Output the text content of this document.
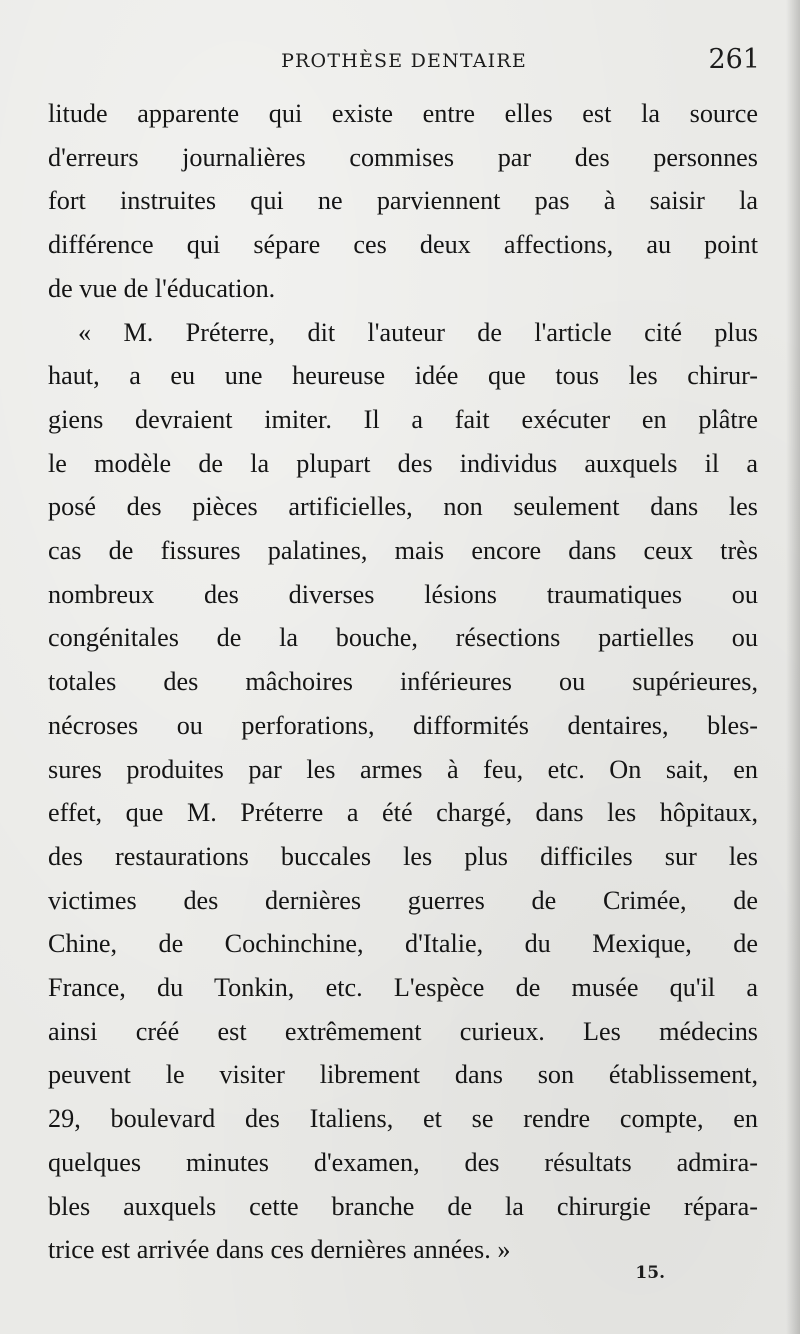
PROTHÈSE DENTAIRE	261
litude apparente qui existe entre elles est la source
d'erreurs journalières commises par des personnes
fort instruites qui ne parviennent pas à saisir la
différence qui sépare ces deux affections, au point
de vue de l'éducation.
« M. Préterre, dit l'auteur de l'article cité plus
haut, a eu une heureuse idée que tous les chirur-
giens devraient imiter. Il a fait exécuter en plâtre
le modèle de la plupart des individus auxquels il a
posé des pièces artificielles, non seulement dans les
cas de fissures palatines, mais encore dans ceux très
nombreux des diverses lésions traumatiques ou
congénitales de la bouche, résections partielles ou
totales des mâchoires inférieures ou supérieures,
nécroses ou perforations, difformités dentaires, bles-
sures produites par les armes à feu, etc. On sait, en
effet, que M. Préterre a été chargé, dans les hôpitaux,
des restaurations buccales les plus difficiles sur les
victimes des dernières guerres de Crimée, de
Chine, de Cochinchine, d'Italie, du Mexique, de
France, du Tonkin, etc. L'espèce de musée qu'il a
ainsi créé est extrêmement curieux. Les médecins
peuvent le visiter librement dans son établissement,
29, boulevard des Italiens, et se rendre compte, en
quelques minutes d'examen, des résultats admira-
bles auxquels cette branche de la chirurgie répara-
trice est arrivée dans ces dernières années. »
15.
